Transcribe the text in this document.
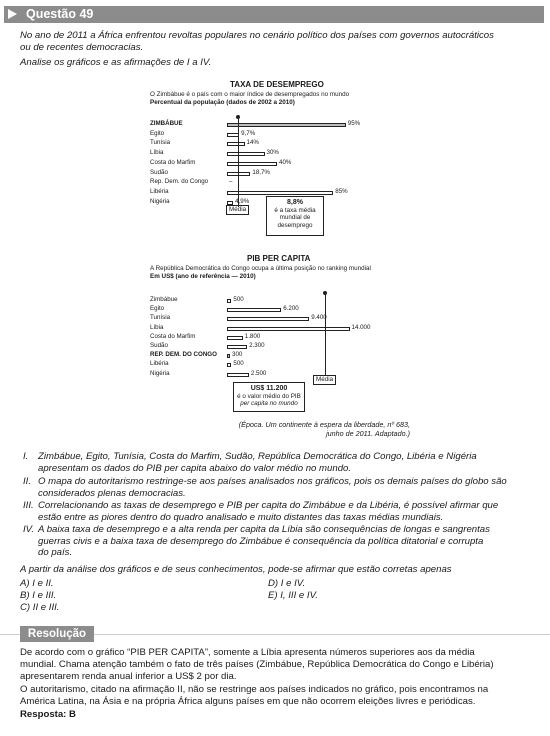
Questão 49
No ano de 2011 a África enfrentou revoltas populares no cenário político dos países com governos autocráticos
ou de recentes democracias.
Analise os gráficos e as afirmações de I a IV.
TAXA DE DESEMPREGO
O Zimbábue é o país com o maior índice de desempregados no mundo
Percentual da população (dados de 2002 a 2010)
ZIMBÁBUE	95%
Egito	9,7%
Tunísia	14%
Líbia	30%
Costa do Marfim	40%
Sudão	18,7%
Rep. Dem. do Congo	–
Libéria	85%
Nigéria	4,9%
Média
8,8%
é a taxa média
mundial de
desemprego
PIB PER CAPITA
A República Democrática do Congo ocupa a última posição no ranking mundial
Em US$ (ano de referência — 2010)
Zimbábue	500
Egito	6.200
Tunísia	9.400
Líbia	14.000
Costa do Marfim	1.800
Sudão	2.300
REP. DEM. DO CONGO 300
Libéria	500
Nigéria	2.500
Média
US$ 11.200
é o valor médio do PIB
per capita no mundo
(Época. Um continente à espera da liberdade, nº 683,
junho de 2011. Adaptado.)
I. Zimbábue, Egito, Tunísia, Costa do Marfim, Sudão, República Democrática do Congo, Libéria e Nigéria
apresentam os dados do PIB per capita abaixo do valor médio no mundo.
II. O mapa do autoritarismo restringe-se aos países analisados nos gráficos, pois os demais países do globo são
considerados plenas democracias.
III. Correlacionando as taxas de desemprego e PIB per capita do Zimbábue e da Libéria, é possível afirmar que
estão entre as piores dentro do quadro analisado e muito distantes das taxas médias mundiais.
IV. A baixa taxa de desemprego e a alta renda per capita da Líbia são consequências de longas e sangrentas
guerras civis e a baixa taxa de desemprego do Zimbábue é consequência da política ditatorial e corrupta
do país.
A partir da análise dos gráficos e de seus conhecimentos, pode-se afirmar que estão corretas apenas
A) I e II.
B) I e III.
C) II e III.
D) I e IV.
E) I, III e IV.
Resolução
De acordo com o gráfico “PIB PER CAPITA”, somente a Líbia apresenta números superiores aos da média
mundial. Chama atenção também o fato de três países (Zimbábue, República Democrática do Congo e Libéria)
apresentarem renda anual inferior a US$ 2 por dia.
O autoritarismo, citado na afirmação II, não se restringe aos países indicados no gráfico, pois encontramos na
América Latina, na Ásia e na própria África alguns países em que não ocorrem eleições livres e periódicas.
Resposta: B
